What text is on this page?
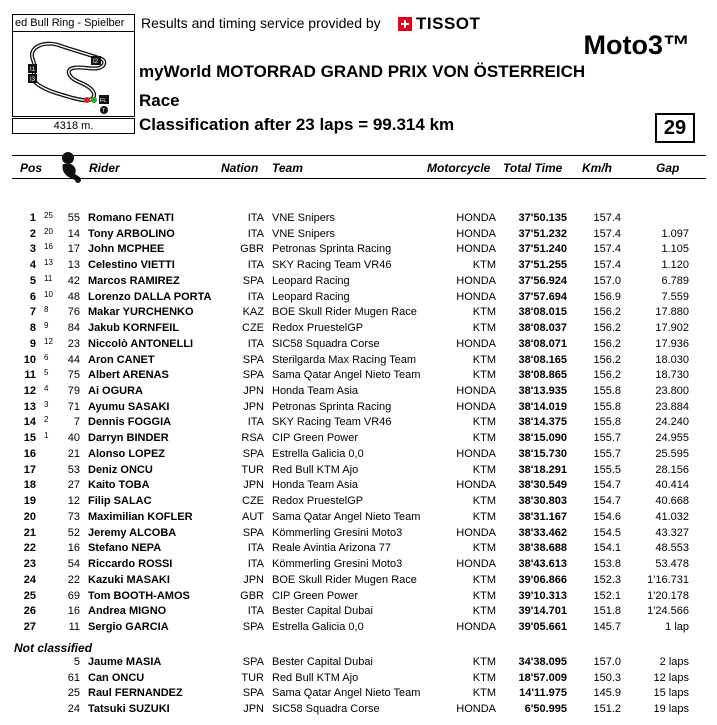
ed Bull Ring - Spielber
I1
I3
I2
FL
T
4318 m.
Results and timing service provided by TISSOT
Moto3™
myWorld MOTORRAD GRAND PRIX VON ÖSTERREICH
Race
Classification after 23 laps = 99.314 km	29
Pos	Rider	Nation Team	Motorcycle Total Time Km/h	Gap
1 25 55 Romano FENATI	ITA VNE Snipers	HONDA 37'50.135 157.4
2 20 14 Tony ARBOLINO	ITA VNE Snipers	HONDA 37'51.232 157.4	1.097
3 16 17 John MCPHEE	GBR Petronas Sprinta Racing	HONDA 37'51.240 157.4	1.105
4 13 13 Celestino VIETTI	ITA SKY Racing Team VR46	KTM 37'51.255 157.4	1.120
5 11 42 Marcos RAMIREZ	SPA Leopard Racing	HONDA 37'56.924 157.0	6.789
6 10 48 Lorenzo DALLA PORTA	ITA Leopard Racing	HONDA 37'57.694 156.9	7.559
7 8 76 Makar YURCHENKO	KAZ BOE Skull Rider Mugen Race	KTM 38'08.015 156.2	17.880
8 9 84 Jakub KORNFEIL	CZE Redox PruestelGP	KTM 38'08.037 156.2	17.902
9 12 23 Niccolò ANTONELLI	ITA SIC58 Squadra Corse	HONDA 38'08.071 156.2	17.936
10 6 44 Aron CANET	SPA Sterilgarda Max Racing Team	KTM 38'08.165 156.2	18.030
11 5 75 Albert ARENAS	SPA Sama Qatar Angel Nieto Team	KTM 38'08.865 156.2	18.730
12 4 79 Ai OGURA	JPN Honda Team Asia	HONDA 38'13.935 155.8	23.800
13 3 71 Ayumu SASAKI	JPN Petronas Sprinta Racing	HONDA 38'14.019 155.8	23.884
14 2 7 Dennis FOGGIA	ITA SKY Racing Team VR46	KTM 38'14.375 155.8	24.240
15 1 40 Darryn BINDER	RSA CIP Green Power	KTM 38'15.090 155.7	24.955
16	21 Alonso LOPEZ	SPA Estrella Galicia 0,0	HONDA 38'15.730 155.7	25.595
17	53 Deniz ONCU	TUR Red Bull KTM Ajo	KTM 38'18.291 155.5	28.156
18	27 Kaito TOBA	JPN Honda Team Asia	HONDA 38'30.549 154.7	40.414
19	12 Filip SALAC	CZE Redox PruestelGP	KTM 38'30.803 154.7	40.668
20	73 Maximilian KOFLER	AUT Sama Qatar Angel Nieto Team	KTM 38'31.167 154.6	41.032
21	52 Jeremy ALCOBA	SPA Kömmerling Gresini Moto3	HONDA 38'33.462 154.5	43.327
22	16 Stefano NEPA	ITA Reale Avintia Arizona 77	KTM 38'38.688 154.1	48.553
23	54 Riccardo ROSSI	ITA Kömmerling Gresini Moto3	HONDA 38'43.613 153.8	53.478
24	22 Kazuki MASAKI	JPN BOE Skull Rider Mugen Race	KTM 39'06.866 152.3 1'16.731
25	69 Tom BOOTH-AMOS	GBR CIP Green Power	KTM 39'10.313 152.1 1'20.178
26	16 Andrea MIGNO	ITA Bester Capital Dubai	KTM 39'14.701 151.8 1'24.566
27	11 Sergio GARCIA	SPA Estrella Galicia 0,0	HONDA 39'05.661 145.7	1 lap
Not classified
5 Jaume MASIA	SPA Bester Capital Dubai	KTM 34'38.095 157.0	2 laps
61 Can ONCU	TUR Red Bull KTM Ajo	KTM 18'57.009 150.3	12 laps
25 Raul FERNANDEZ	SPA Sama Qatar Angel Nieto Team	KTM 14'11.975 145.9	15 laps
24 Tatsuki SUZUKI	JPN SIC58 Squadra Corse	HONDA	6'50.995 151.2	19 laps
